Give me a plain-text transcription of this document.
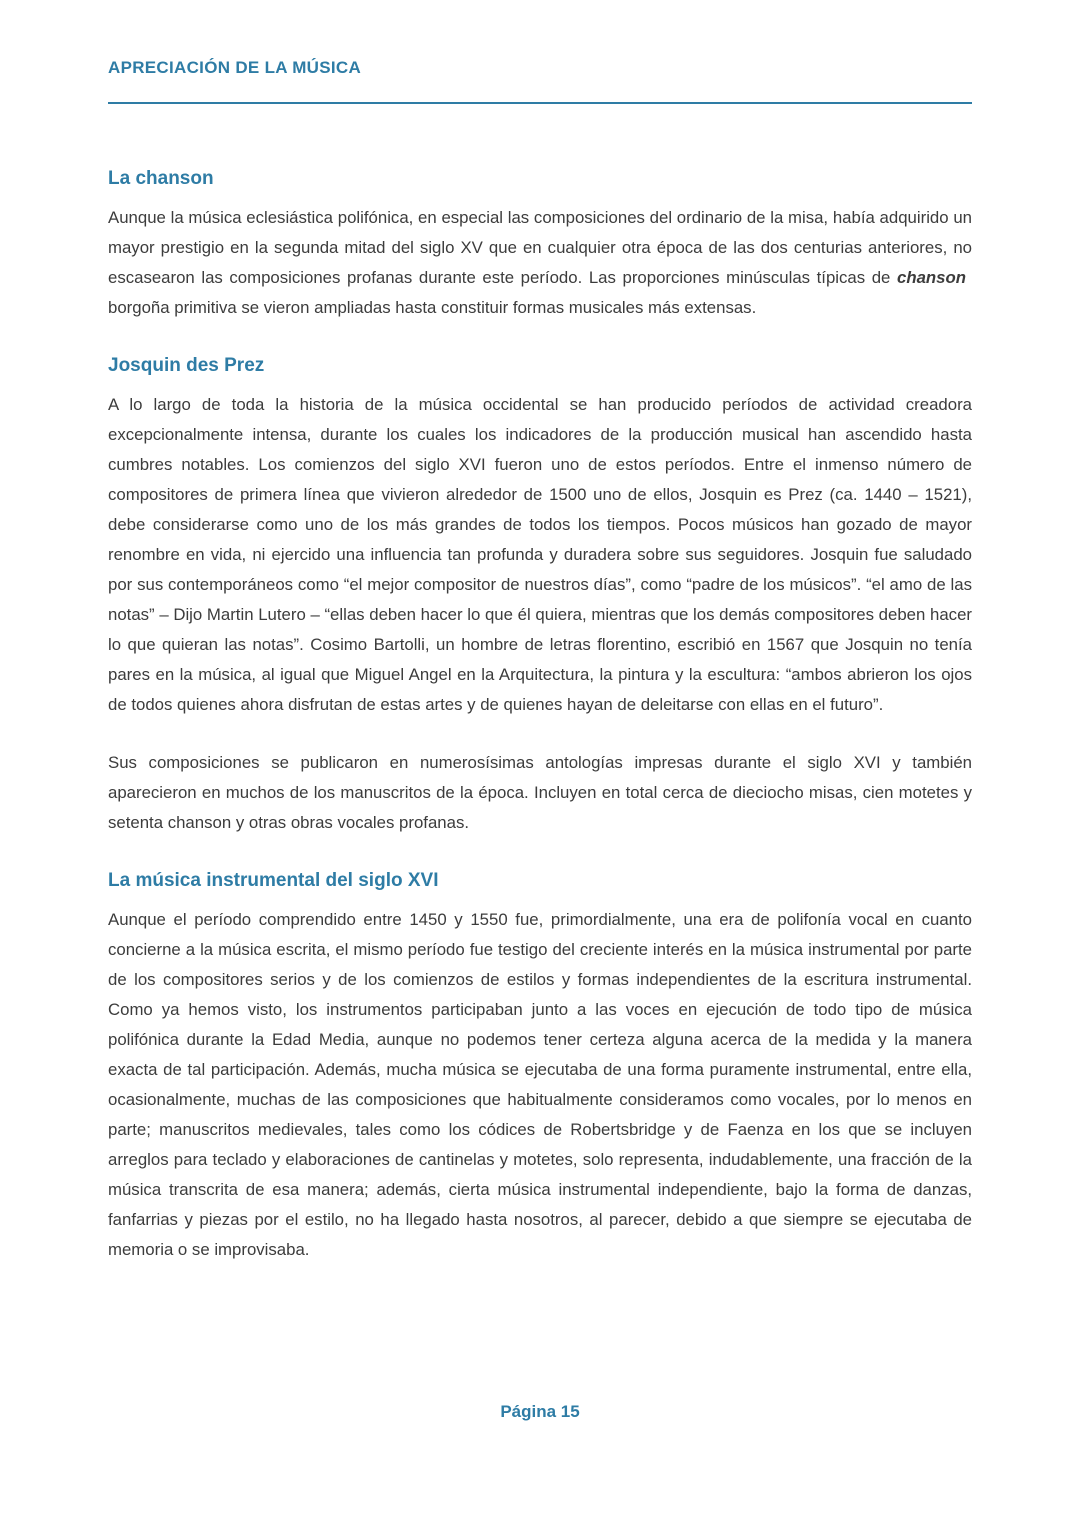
APRECIACIÓN DE LA MÚSICA
La chanson

Aunque la música eclesiástica polifónica, en especial las composiciones del ordinario de la misa, había adquirido un mayor prestigio en la segunda mitad del siglo XV que en cualquier otra época de las dos centurias anteriores, no escasearon las composiciones profanas durante este período. Las proporciones minúsculas típicas de chanson borgoña primitiva se vieron ampliadas hasta constituir formas musicales más extensas.

Josquin des Prez

A lo largo de toda la historia de la música occidental se han producido períodos de actividad creadora excepcionalmente intensa, durante los cuales los indicadores de la producción musical han ascendido hasta cumbres notables. Los comienzos del siglo XVI fueron uno de estos períodos. Entre el inmenso número de compositores de primera línea que vivieron alrededor de 1500 uno de ellos, Josquin es Prez (ca. 1440 – 1521), debe considerarse como uno de los más grandes de todos los tiempos. Pocos músicos han gozado de mayor renombre en vida, ni ejercido una influencia tan profunda y duradera sobre sus seguidores. Josquin fue saludado por sus contemporáneos como “el mejor compositor de nuestros días”, como “padre de los músicos”. “el amo de las notas” – Dijo Martin Lutero – “ellas deben hacer lo que él quiera, mientras que los demás compositores deben hacer lo que quieran las notas”. Cosimo Bartolli, un hombre de letras florentino, escribió en 1567 que Josquin no tenía pares en la música, al igual que Miguel Angel en la Arquitectura, la pintura y la escultura: “ambos abrieron los ojos de todos quienes ahora disfrutan de estas artes y de quienes hayan de deleitarse con ellas en el futuro”.

Sus composiciones se publicaron en numerosísimas antologías impresas durante el siglo XVI y también aparecieron en muchos de los manuscritos de la época. Incluyen en total cerca de dieciocho misas, cien motetes y setenta chanson y otras obras vocales profanas.

La música instrumental del siglo XVI

Aunque el período comprendido entre 1450 y 1550 fue, primordialmente, una era de polifonía vocal en cuanto concierne a la música escrita, el mismo período fue testigo del creciente interés en la música instrumental por parte de los compositores serios y de los comienzos de estilos y formas independientes de la escritura instrumental. Como ya hemos visto, los instrumentos participaban junto a las voces en ejecución de todo tipo de música polifónica durante la Edad Media, aunque no podemos tener certeza alguna acerca de la medida y la manera exacta de tal participación. Además, mucha música se ejecutaba de una forma puramente instrumental, entre ella, ocasionalmente, muchas de las composiciones que habitualmente consideramos como vocales, por lo menos en parte; manuscritos medievales, tales como los códices de Robertsbridge y de Faenza en los que se incluyen arreglos para teclado y elaboraciones de cantinelas y motetes, solo representa, indudablemente, una fracción de la música transcrita de esa manera; además, cierta música instrumental independiente, bajo la forma de danzas, fanfarrias y piezas por el estilo, no ha llegado hasta nosotros, al parecer, debido a que siempre se ejecutaba de memoria o se improvisaba.

Página 15
